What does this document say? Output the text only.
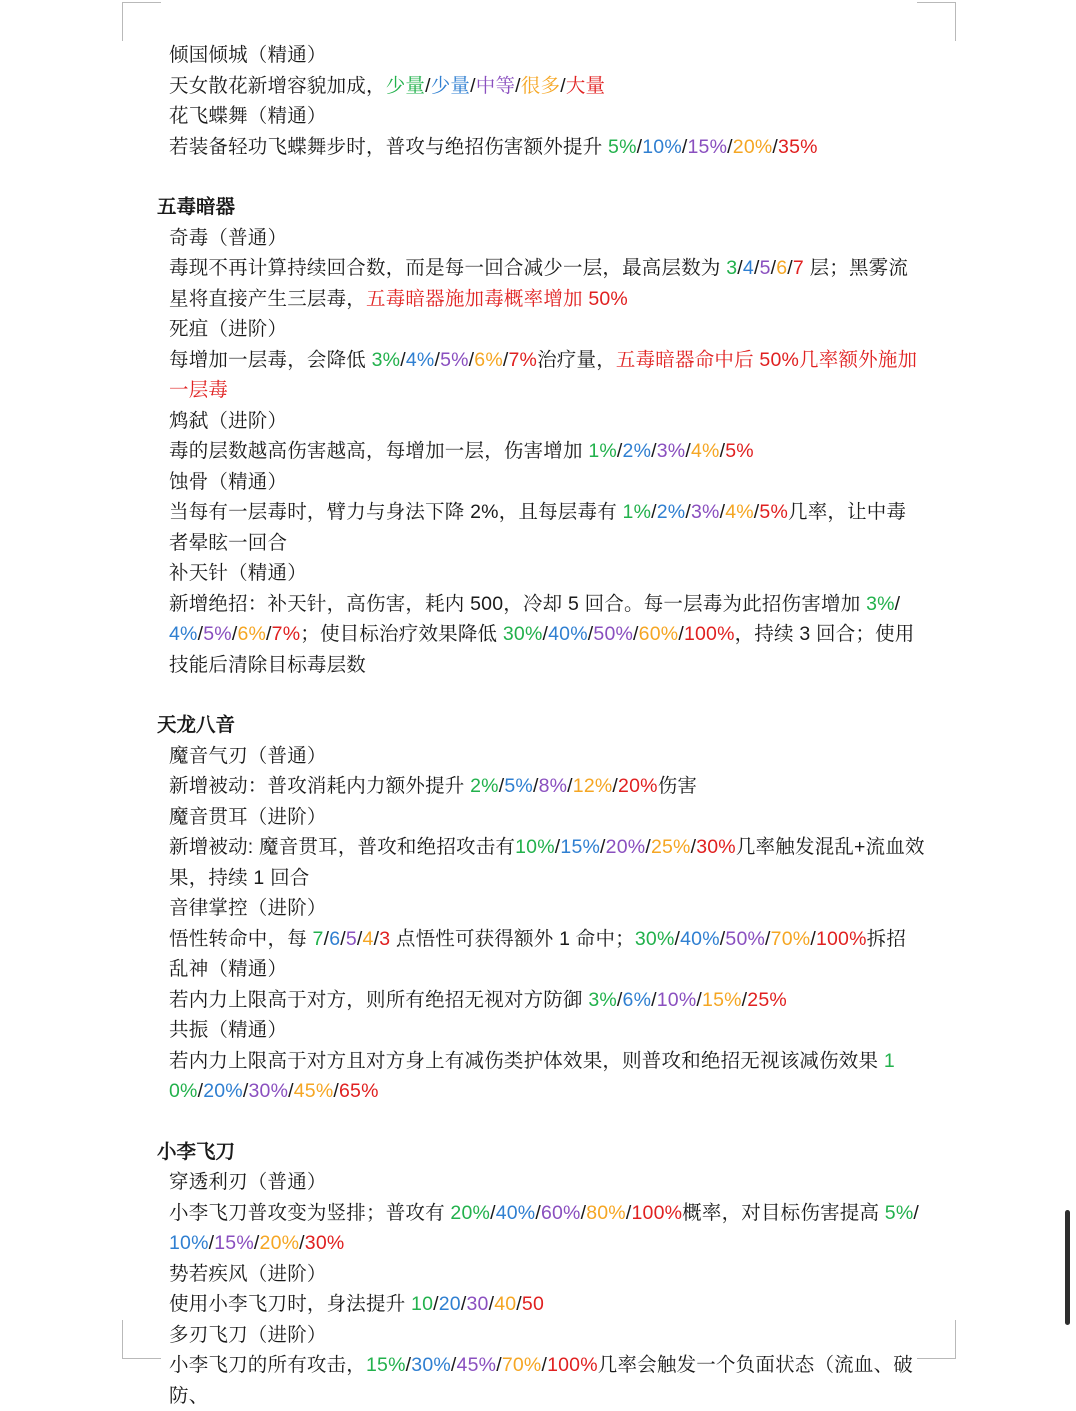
倾国倾城（精通）
天女散花新增容貌加成，少量/少量/中等/很多/大量
花飞蝶舞（精通）
若装备轻功飞蝶舞步时，普攻与绝招伤害额外提升 5%/10%/15%/20%/35%
五毒暗器
奇毒（普通）
毒现不再计算持续回合数，而是每一回合减少一层，最高层数为 3/4/5/6/7 层；黑雾流星将直接产生三层毒，五毒暗器施加毒概率增加 50%
死疽（进阶）
每增加一层毒，会降低 3%/4%/5%/6%/7%治疗量，五毒暗器命中后 50%几率额外施加一层毒
鸩弑（进阶）
毒的层数越高伤害越高，每增加一层，伤害增加 1%/2%/3%/4%/5%
蚀骨（精通）
当每有一层毒时，臂力与身法下降 2%，且每层毒有 1%/2%/3%/4%/5%几率，让中毒者晕眩一回合
补天针（精通）
新增绝招：补天针，高伤害，耗内 500，冷却 5 回合。每一层毒为此招伤害增加 3%/4%/5%/6%/7%；使目标治疗效果降低 30%/40%/50%/60%/100%，持续 3 回合；使用技能后清除目标毒层数
天龙八音
魔音气刃（普通）
新增被动：普攻消耗内力额外提升 2%/5%/8%/12%/20%伤害
魔音贯耳（进阶）
新增被动: 魔音贯耳，普攻和绝招攻击有10%/15%/20%/25%/30%几率触发混乱+流血效果，持续 1 回合
音律掌控（进阶）
悟性转命中，每 7/6/5/4/3 点悟性可获得额外 1 命中；30%/40%/50%/70%/100%拆招
乱神（精通）
若内力上限高于对方，则所有绝招无视对方防御 3%/6%/10%/15%/25%
共振（精通）
若内力上限高于对方且对方身上有减伤类护体效果，则普攻和绝招无视该减伤效果 10%/20%/30%/45%/65%
小李飞刀
穿透利刃（普通）
小李飞刀普攻变为竖排；普攻有 20%/40%/60%/80%/100%概率，对目标伤害提高 5%/10%/15%/20%/30%
势若疾风（进阶）
使用小李飞刀时，身法提升 10/20/30/40/50
多刃飞刀（进阶）
小李飞刀的所有攻击，15%/30%/45%/70%/100%几率会触发一个负面状态（流血、破防、
